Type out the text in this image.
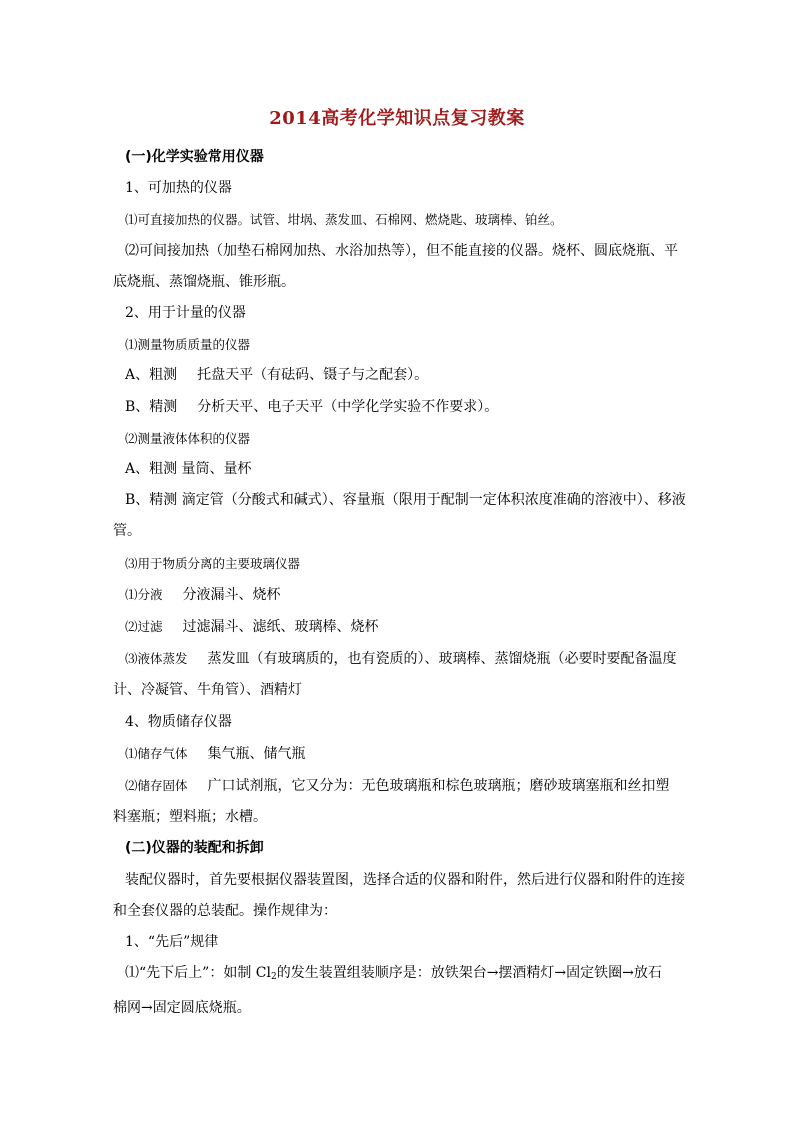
2014高考化学知识点复习教案
(一)化学实验常用仪器
1、可加热的仪器
⑴可直接加热的仪器。试管、坩埚、蒸发皿、石棉网、燃烧匙、玻璃棒、铂丝。
⑵可间接加热（加垫石棉网加热、水浴加热等），但不能直接的仪器。烧杯、圆底烧瓶、平
底烧瓶、蒸馏烧瓶、锥形瓶。
2、用于计量的仪器
⑴测量物质质量的仪器
A、粗测 托盘天平（有砝码、镊子与之配套）。
B、精测 分析天平、电子天平（中学化学实验不作要求）。
⑵测量液体体积的仪器
A、粗测 量筒、量杯
B、精测 滴定管（分酸式和碱式）、容量瓶（限用于配制一定体积浓度准确的溶液中）、移液
管。
⑶用于物质分离的主要玻璃仪器
⑴分液 分液漏斗、烧杯
⑵过滤 过滤漏斗、滤纸、玻璃棒、烧杯
⑶液体蒸发 蒸发皿（有玻璃质的，也有瓷质的）、玻璃棒、蒸馏烧瓶（必要时要配备温度
计、冷凝管、牛角管）、酒精灯
4、物质储存仪器
⑴储存气体 集气瓶、储气瓶
⑵储存固体 广口试剂瓶，它又分为：无色玻璃瓶和棕色玻璃瓶；磨砂玻璃塞瓶和丝扣塑
料塞瓶；塑料瓶；水槽。
(二)仪器的装配和拆卸
装配仪器时，首先要根据仪器装置图，选择合适的仪器和附件，然后进行仪器和附件的连接
和全套仪器的总装配。操作规律为：
1、“先后”规律
⑴“先下后上”：如制 $Cl_2$的发生装置组装顺序是：放铁架台→摆酒精灯→固定铁圈→放石
棉网→固定圆底烧瓶。
